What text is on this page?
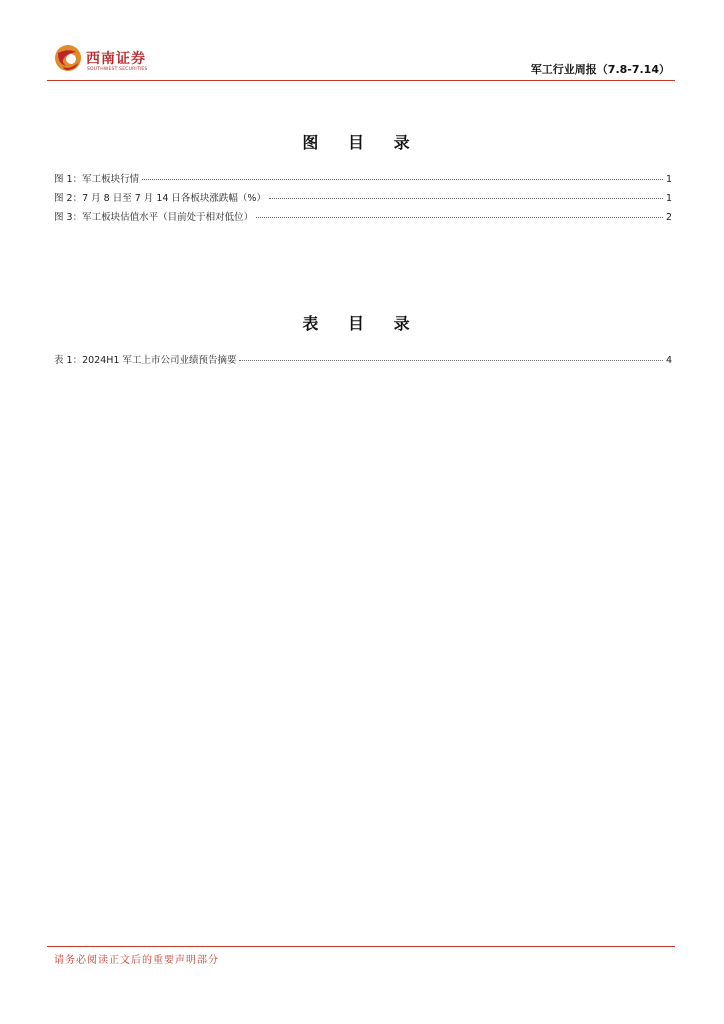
西南证券
SOUTHWEST SECURITIES	军工行业周报（7.8-7.14）
图 目 录
图 1：军工板块行情	1
图 2：7 月 8 日至 7 月 14 日各板块涨跌幅（%）	1
图 3：军工板块估值水平（目前处于相对低位）	2
表 目 录
表 1：2024H1 军工上市公司业绩预告摘要	4
请务必阅读正文后的重要声明部分
